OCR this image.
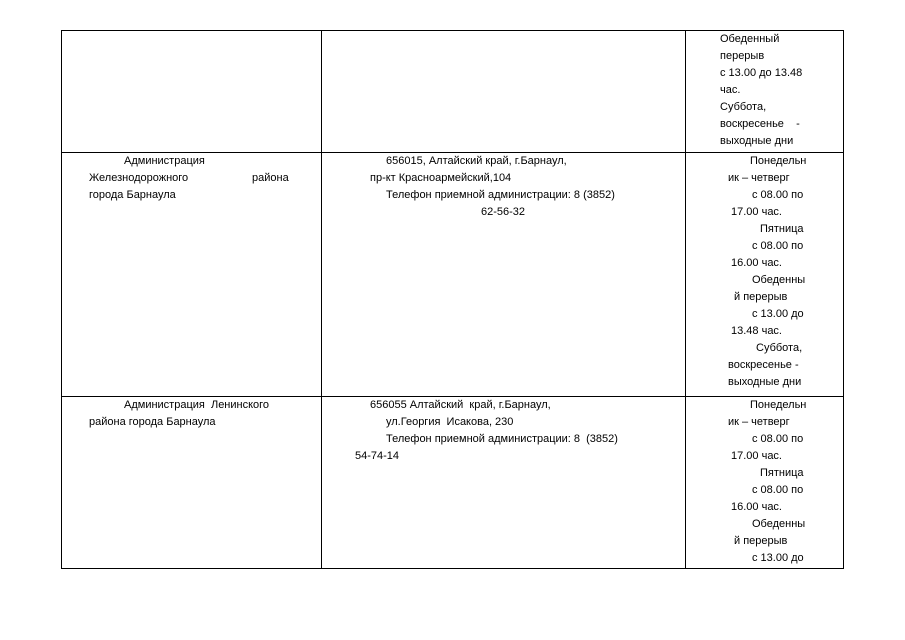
Обеденный
перерыв
с 13.00 до 13.48
час.
Суббота,
воскресенье    -
выходные дни
Администрация
Железнодорожного	района
города Барнаула
656015, Алтайский край, г.Барнаул,
пр-кт Красноармейский,104
Телефон приемной администрации: 8 (3852)
62-56-32
Понедельн
ик – четверг
с 08.00 по
17.00 час.
Пятница
с 08.00 по
16.00 час.
Обеденны
й перерыв
с 13.00 до
13.48 час.
Суббота,
воскресенье -
выходные дни
Администрация  Ленинского
района города Барнаула
656055 Алтайский  край, г.Барнаул,
ул.Георгия  Исакова, 230
Телефон приемной администрации: 8  (3852)
54-74-14
Понедельн
ик – четверг
с 08.00 по
17.00 час.
Пятница
с 08.00 по
16.00 час.
Обеденны
й перерыв
с 13.00 до
